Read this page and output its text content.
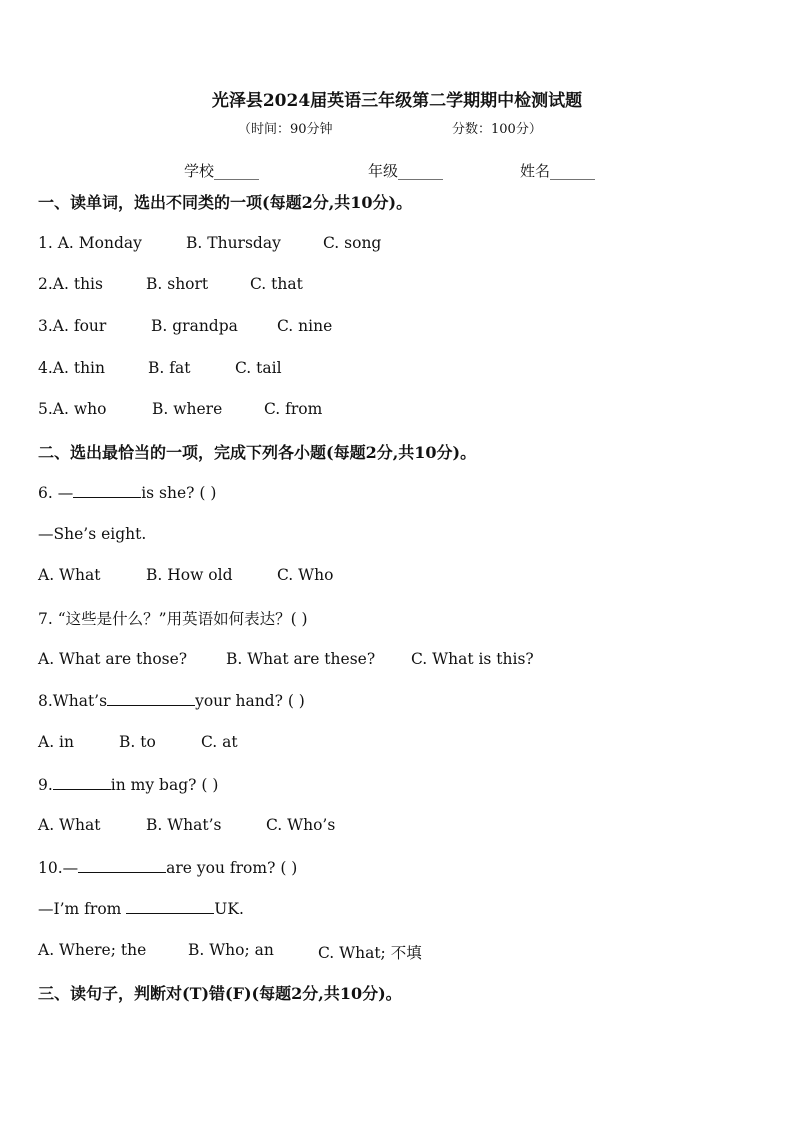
光泽县2024届英语三年级第二学期期中检测试题
（时间：90分钟	分数：100分）
学校______	年级______	姓名______
一、读单词，选出不同类的一项(每题2分,共10分)。
1. A. Monday	B. Thursday	C. song
2.A. this	B. short	C. that
3.A. four	B. grandpa	C. nine
4.A. thin	B. fat	C. tail
5.A. who	B. where	C. from
二、选出最恰当的一项，完成下列各小题(每题2分,共10分)。
6. —	is she? ( )
—She’s eight.
A. What	B. How old	C. Who
7. “这些是什么？”用英语如何表达？( )
A. What are those?	B. What are these? C. What is this?
8.What’s	your hand? ( )
A. in	B. to	C. at
9.	in my bag? ( )
A. What	B. What’s	C. Who’s
10.—	are you from? ( )
—I’m from	UK.
A. Where; the	B. Who; an	C. What; 不填
三、读句子，判断对(T)错(F)(每题2分,共10分)。
